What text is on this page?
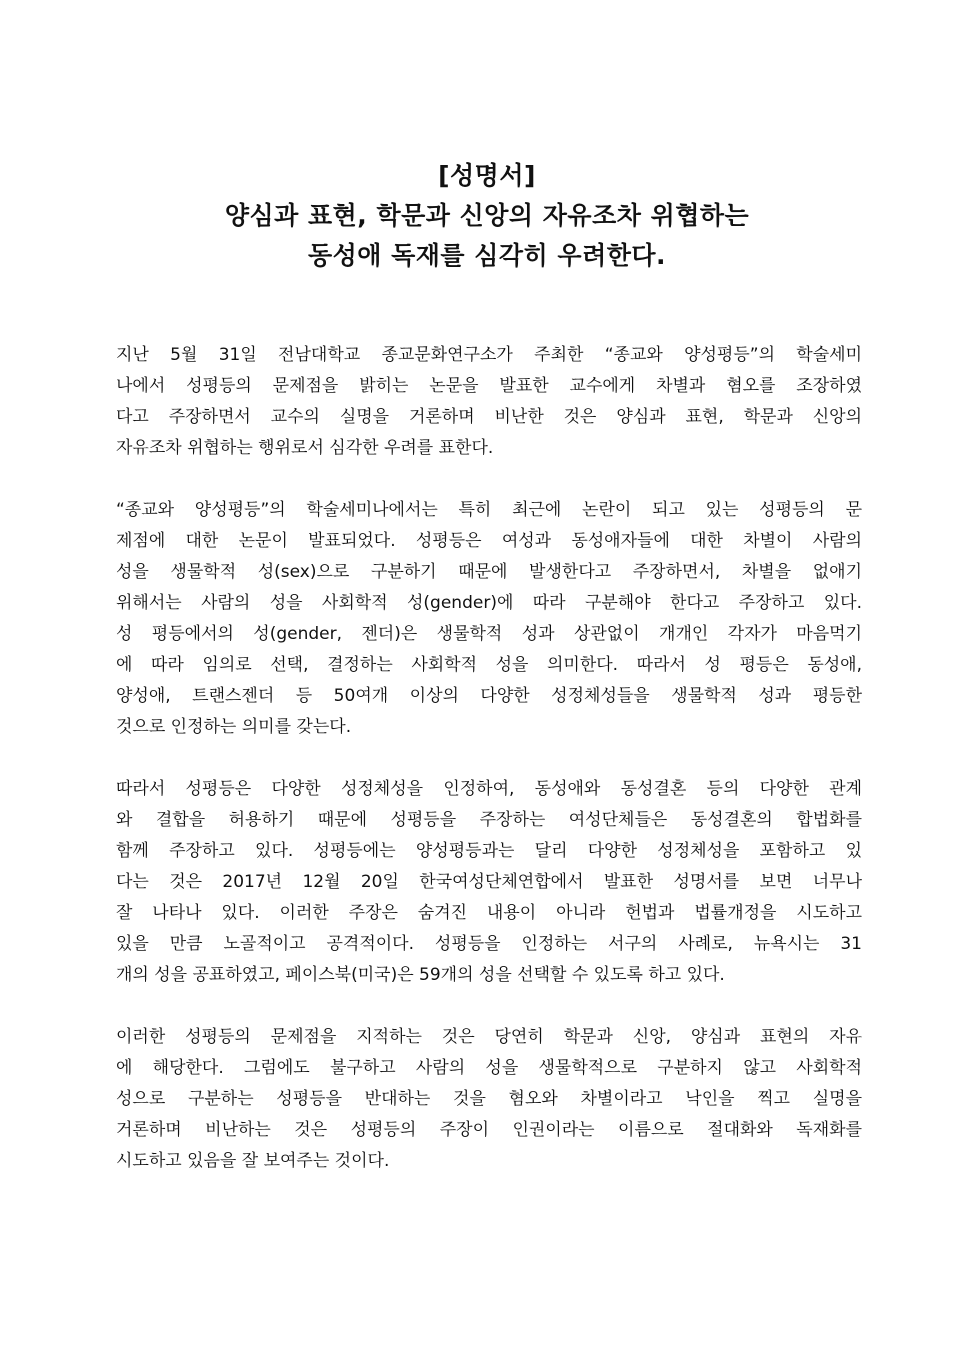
[성명서]
양심과 표현, 학문과 신앙의 자유조차 위협하는
동성애 독재를 심각히 우려한다.
지난 5월 31일 전남대학교 종교문화연구소가 주최한 “종교와 양성평등”의 학술세미
나에서 성평등의 문제점을 밝히는 논문을 발표한 교수에게 차별과 혐오를 조장하였
다고 주장하면서 교수의 실명을 거론하며 비난한 것은 양심과 표현, 학문과 신앙의
자유조차 위협하는 행위로서 심각한 우려를 표한다.
“종교와 양성평등”의 학술세미나에서는 특히 최근에 논란이 되고 있는 성평등의 문
제점에 대한 논문이 발표되었다. 성평등은 여성과 동성애자들에 대한 차별이 사람의
성을 생물학적 성(sex)으로 구분하기 때문에 발생한다고 주장하면서, 차별을 없애기
위해서는 사람의 성을 사회학적 성(gender)에 따라 구분해야 한다고 주장하고 있다.
성 평등에서의 성(gender, 젠더)은 생물학적 성과 상관없이 개개인 각자가 마음먹기
에 따라 임의로 선택, 결정하는 사회학적 성을 의미한다. 따라서 성 평등은 동성애,
양성애, 트랜스젠더 등 50여개 이상의 다양한 성정체성들을 생물학적 성과 평등한
것으로 인정하는 의미를 갖는다.
따라서 성평등은 다양한 성정체성을 인정하여, 동성애와 동성결혼 등의 다양한 관계
와 결합을 허용하기 때문에 성평등을 주장하는 여성단체들은 동성결혼의 합법화를
함께 주장하고 있다. 성평등에는 양성평등과는 달리 다양한 성정체성을 포함하고 있
다는 것은 2017년 12월 20일 한국여성단체연합에서 발표한 성명서를 보면 너무나
잘 나타나 있다. 이러한 주장은 숨겨진 내용이 아니라 헌법과 법률개정을 시도하고
있을 만큼 노골적이고 공격적이다. 성평등을 인정하는 서구의 사례로, 뉴욕시는 31
개의 성을 공표하였고, 페이스북(미국)은 59개의 성을 선택할 수 있도록 하고 있다.
이러한 성평등의 문제점을 지적하는 것은 당연히 학문과 신앙, 양심과 표현의 자유
에 해당한다. 그럼에도 불구하고 사람의 성을 생물학적으로 구분하지 않고 사회학적
성으로 구분하는 성평등을 반대하는 것을 혐오와 차별이라고 낙인을 찍고 실명을
거론하며 비난하는 것은 성평등의 주장이 인권이라는 이름으로 절대화와 독재화를
시도하고 있음을 잘 보여주는 것이다.
